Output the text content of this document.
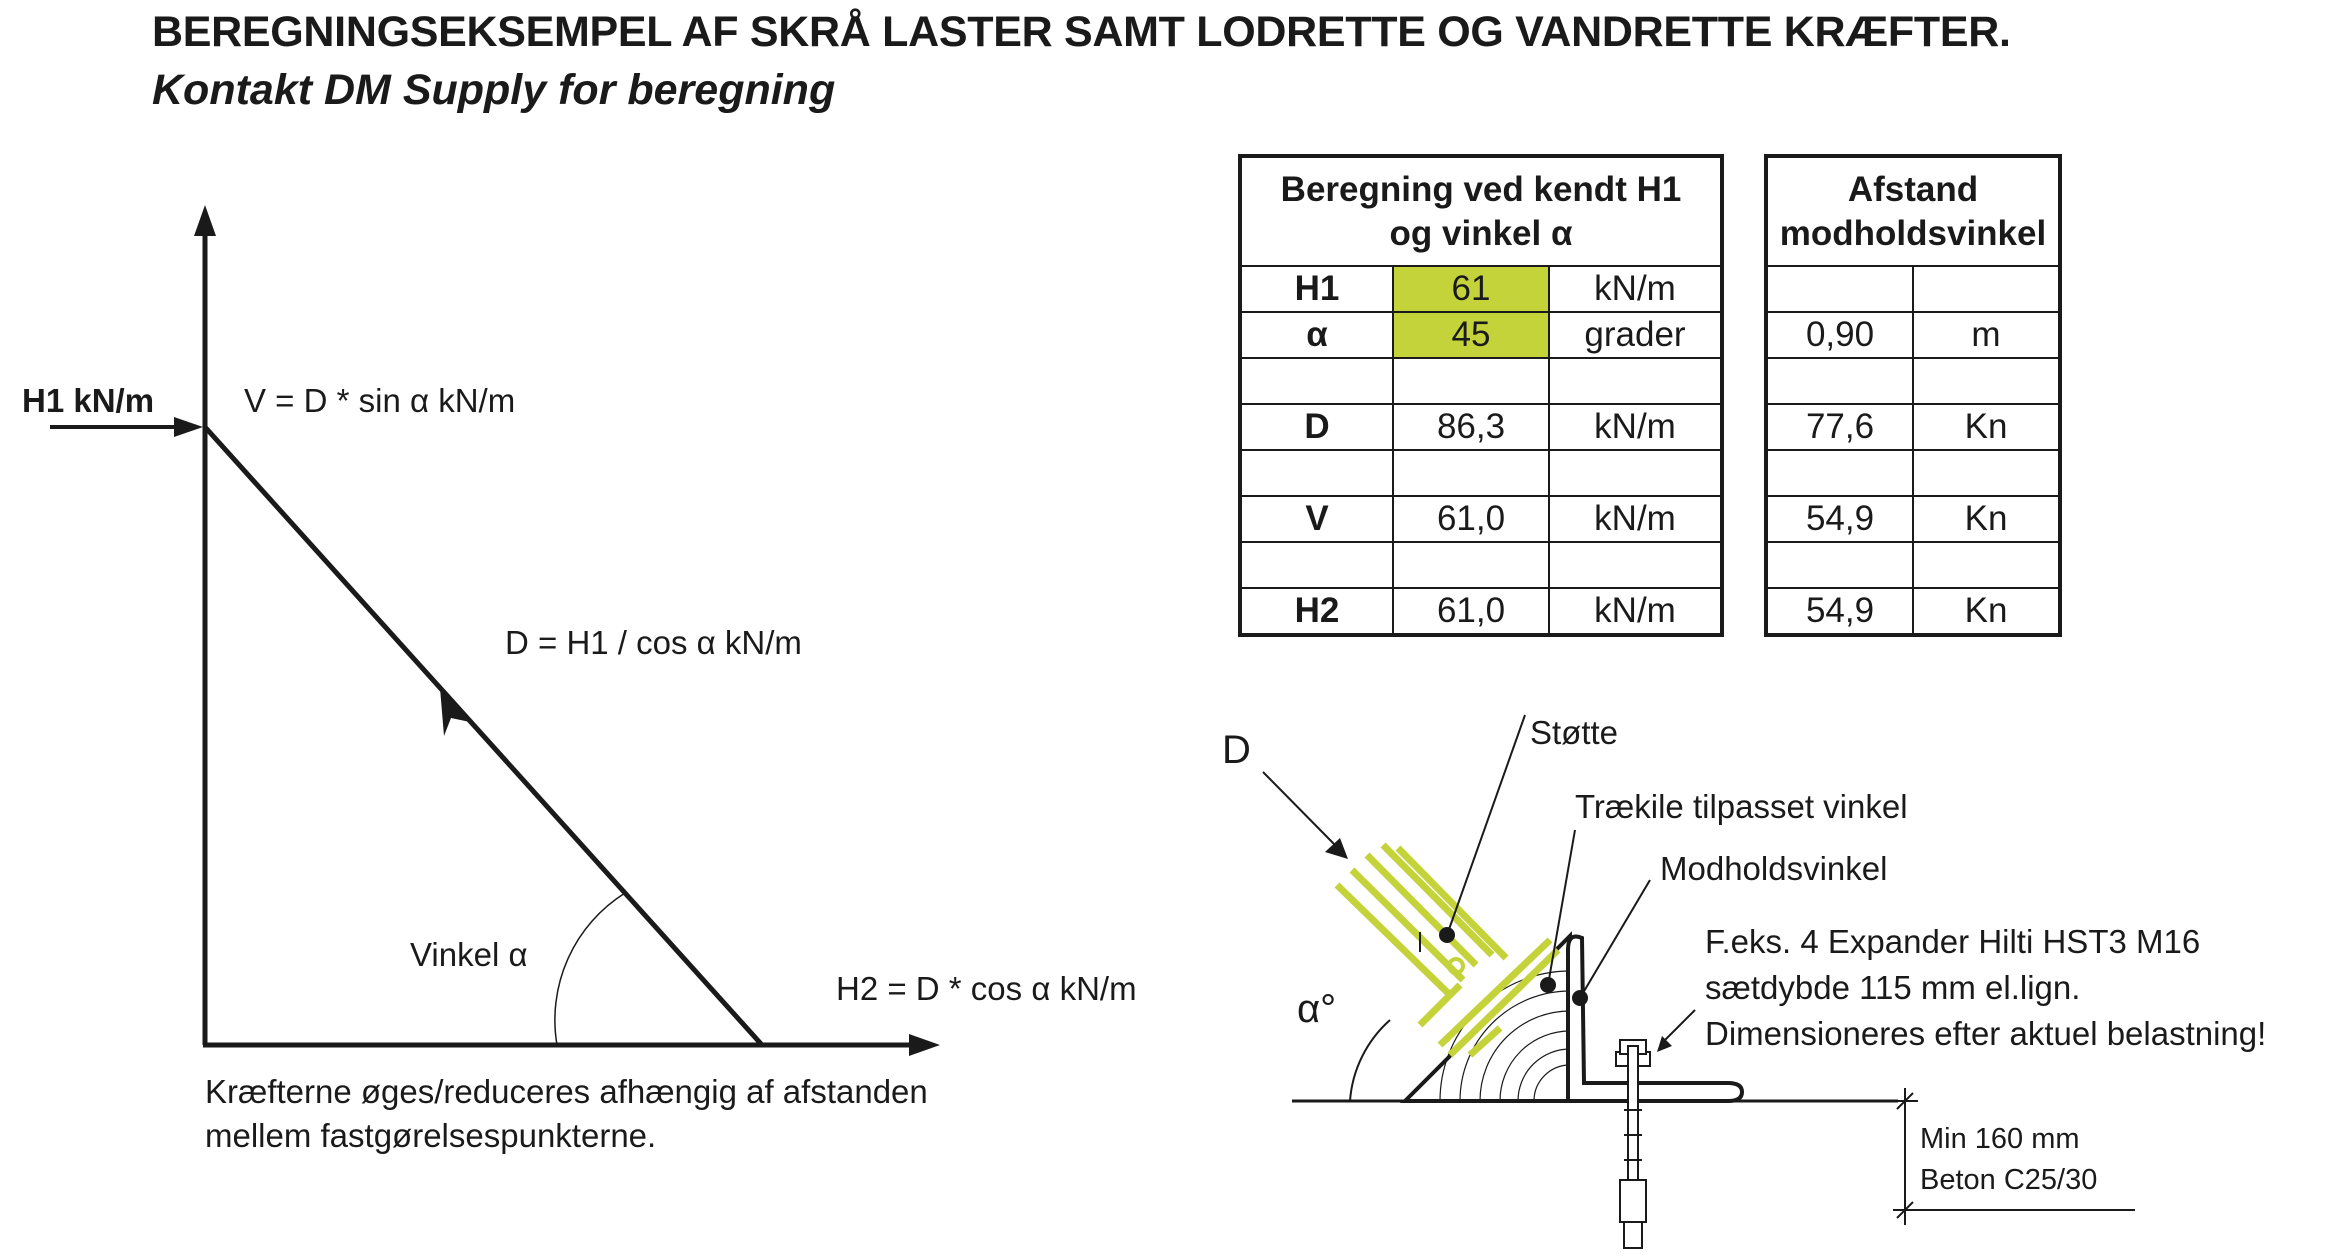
BEREGNINGSEKSEMPEL AF SKRÅ LASTER SAMT LODRETTE OG VANDRETTE KRÆFTER.
Kontakt DM Supply for beregning
H1 kN/m	V = D * sin α kN/m
D = H1 / cos α kN/m
Vinkel α
H2 = D * cos α kN/m
D	Støtte
Trækile tilpasset vinkel
Modholdsvinkel
F.eks. 4 Expander Hilti HST3 M16
sætdybde 115 mm el.lign.
Dimensioneres efter aktuel belastning!
α°
Min 160 mm
Beton C25/30
Beregning ved kendt H1
og vinkel α		

H1	61	kN/m
α	45	grader

D	86,3	kN/m

V	61,0	kN/m

H2	61,0	kN/m
Afstand
modholdsvinkel	

0,90	m

77,6	Kn

54,9	Kn

54,9	Kn
Kræfterne øges/reduceres afhængig af afstanden
mellem fastgørelsespunkterne.
